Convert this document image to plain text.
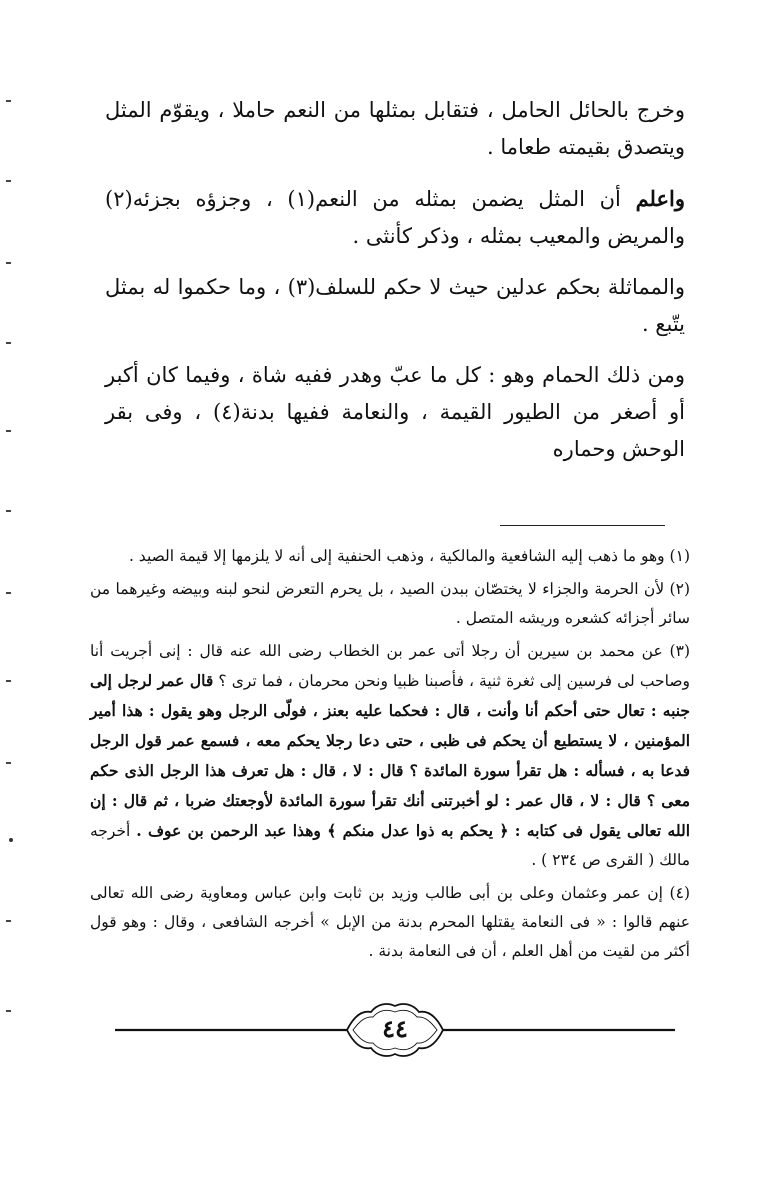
وخرج بالحائل الحامل ، فتقابل بمثلها من النعم حاملا ، ويقوّم المثل ويتصدق بقيمته طعاما .

واعلم أن المثل يضمن بمثله من النعم(١) ، وجزؤه بجزئه(٢) والمريض والمعيب بمثله ، وذكر كأنثى .

والمماثلة بحكم عدلين حيث لا حكم للسلف(٣) ، وما حكموا له بمثل يتّبع .

ومن ذلك الحمام وهو : كل ما عبّ وهدر ففيه شاة ، وفيما كان أكبر أو أصغر من الطيور القيمة ، والنعامة ففيها بدنة(٤) ، وفى بقر الوحش وحماره

(١) وهو ما ذهب إليه الشافعية والمالكية ، وذهب الحنفية إلى أنه لا يلزمها إلا قيمة الصيد .

(٢) لأن الحرمة والجزاء لا يختصّان ببدن الصيد ، بل يحرم التعرض لنحو لبنه وبيضه وغيرهما من سائر أجزائه كشعره وريشه المتصل .

(٣) عن محمد بن سيرين أن رجلا أتى عمر بن الخطاب رضى الله عنه قال : إنى أجريت أنا وصاحب لى فرسين إلى ثغرة ثنية ، فأصبنا ظبيا ونحن محرمان ، فما ترى ؟ قال عمر لرجل إلى جنبه : تعال حتى أحكم أنا وأنت ، قال : فحكما عليه بعنز ، فولّى الرجل وهو يقول : هذا أمير المؤمنين ، لا يستطيع أن يحكم فى ظبى ، حتى دعا رجلا يحكم معه ، فسمع عمر قول الرجل فدعا به ، فسأله : هل تقرأ سورة المائدة ؟ قال : لا ، قال : هل تعرف هذا الرجل الذى حكم معى ؟ قال : لا ، قال عمر : لو أخبرتنى أنك تقرأ سورة المائدة لأوجعتك ضربا ، ثم قال : إن الله تعالى يقول فى كتابه : ﴿ يحكم به ذوا عدل منكم ﴾ وهذا عبد الرحمن بن عوف . أخرجه مالك ( القرى ص ٢٣٤ ) .

(٤) إن عمر وعثمان وعلى بن أبى طالب وزيد بن ثابت وابن عباس ومعاوية رضى الله تعالى عنهم قالوا : « فى النعامة يقتلها المحرم بدنة من الإبل » أخرجه الشافعى ، وقال : وهو قول أكثر من لقيت من أهل العلم ، أن فى النعامة بدنة .

٤٤
